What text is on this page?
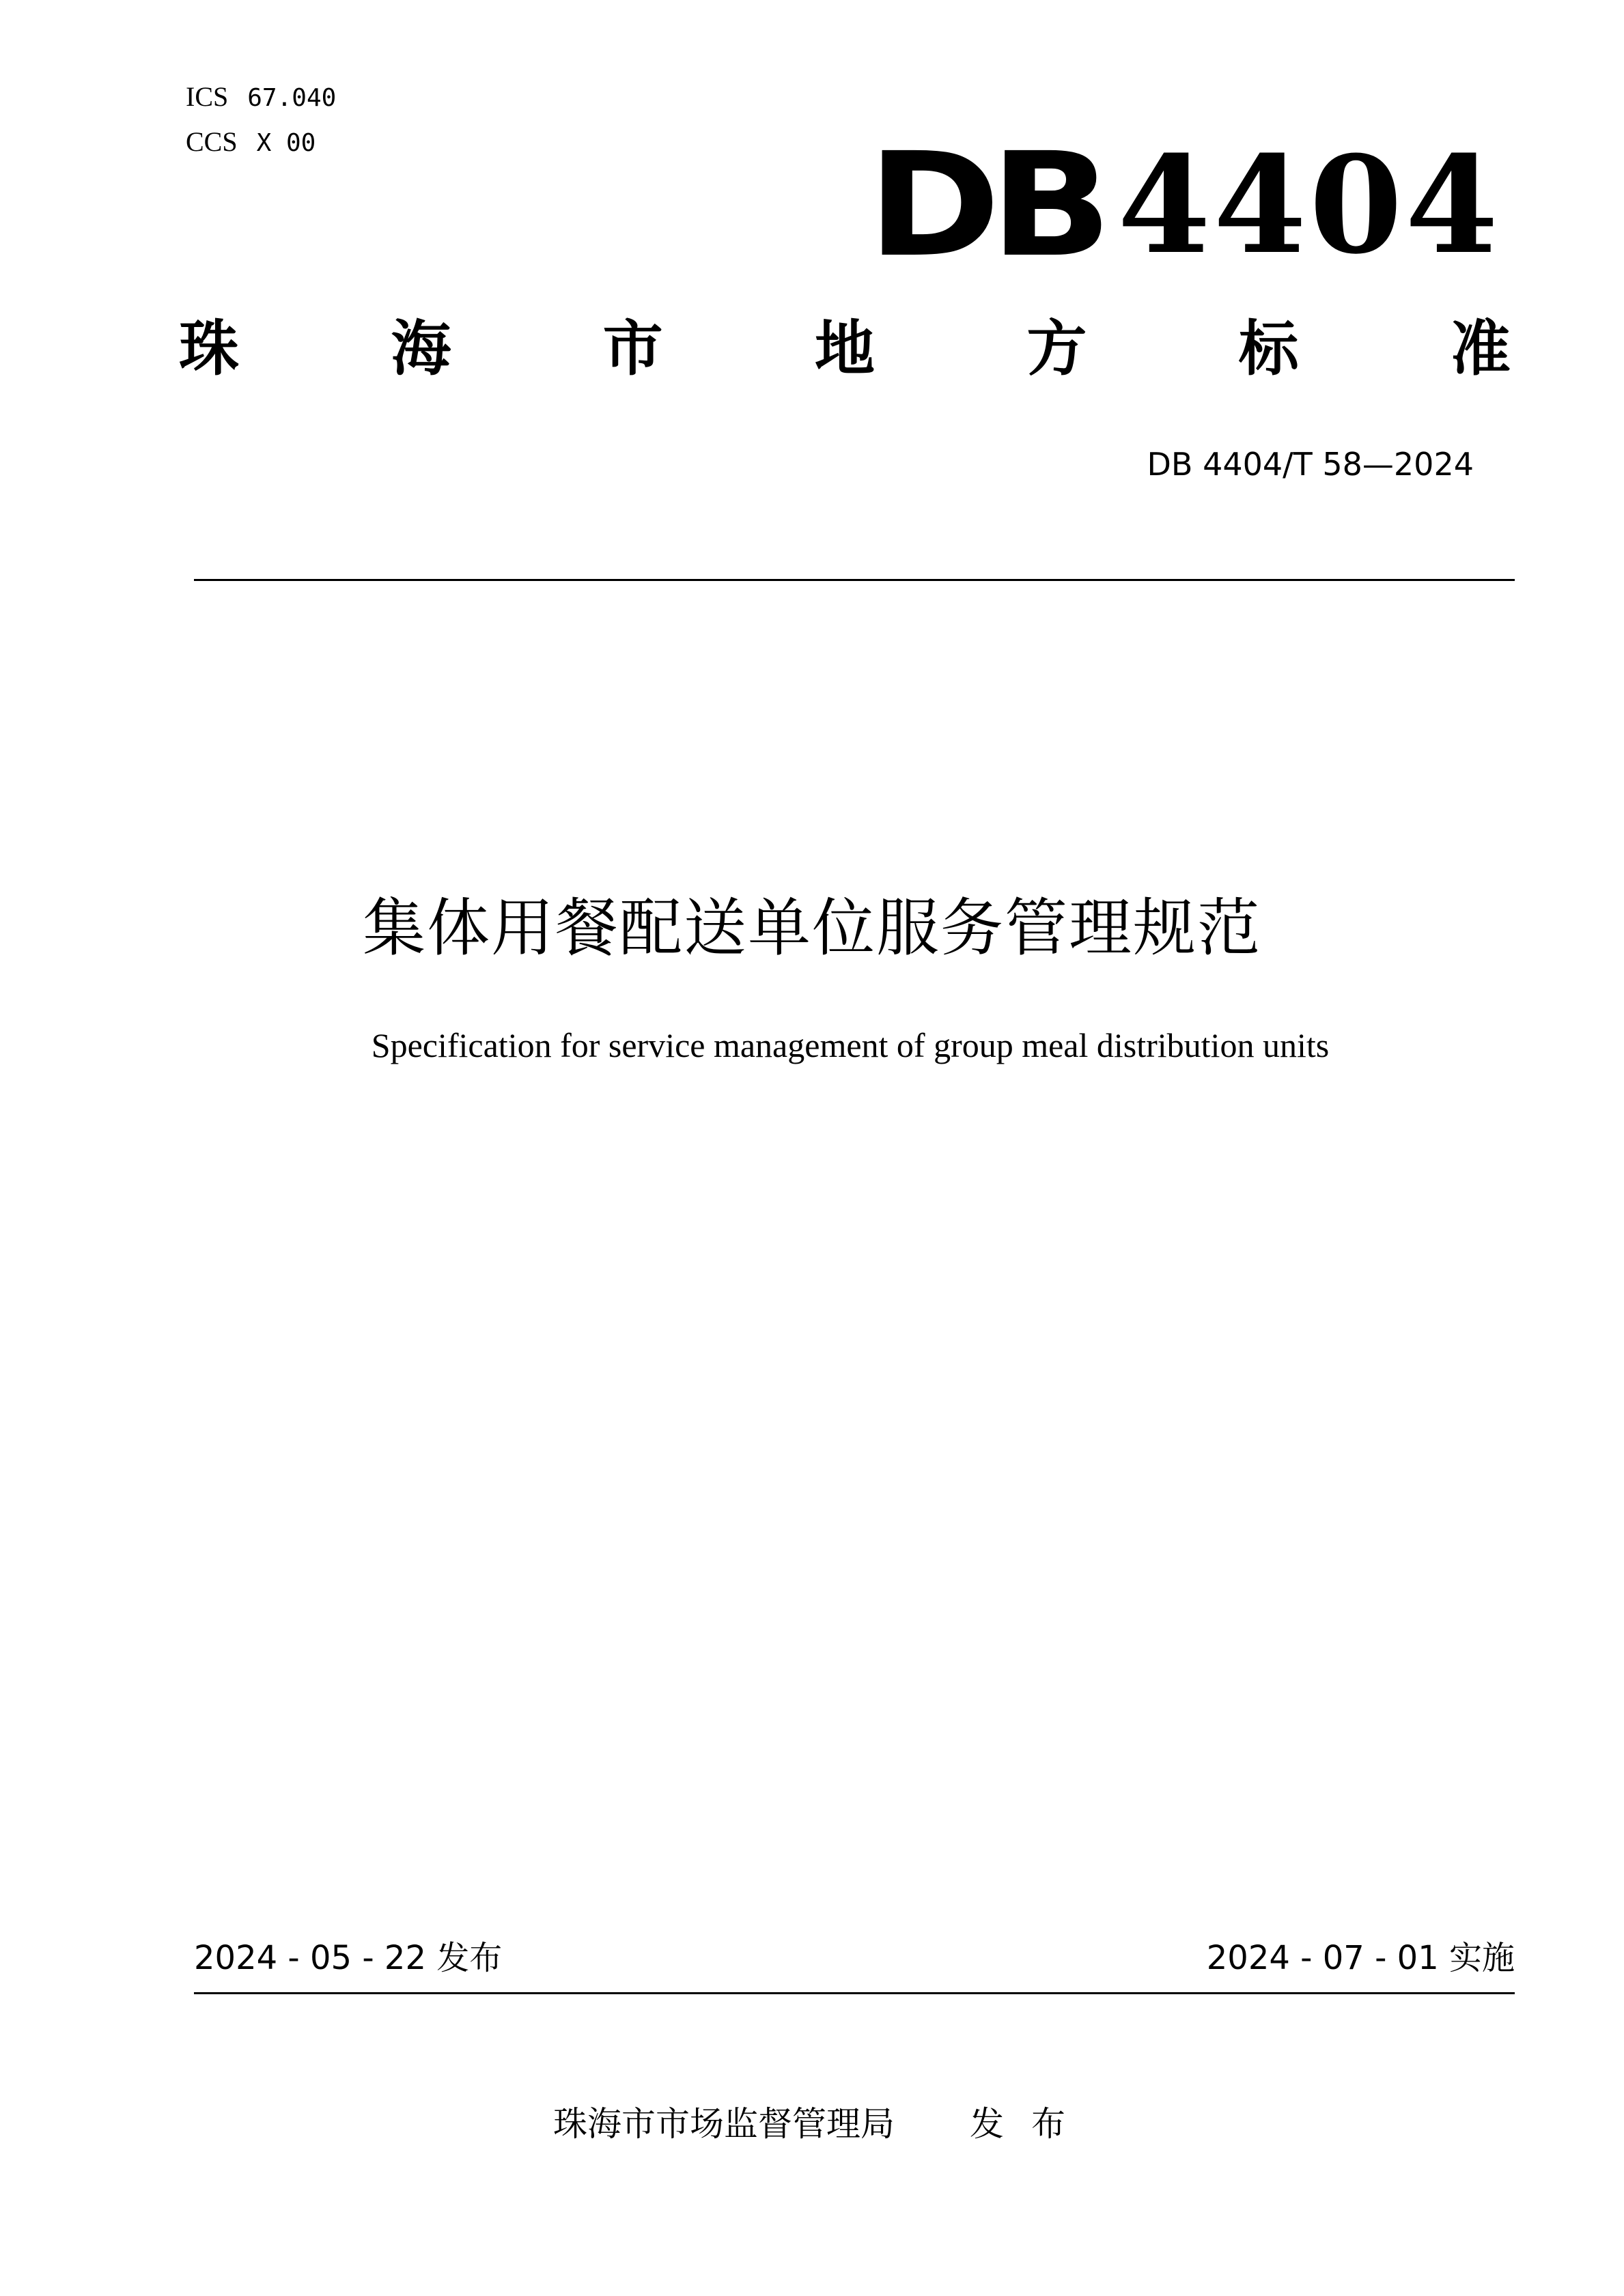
ICS 67.040
CCS X 00	DB 4404
珠	海	市	地	方	标	准
DB 4404/T 58—2024
集体用餐配送单位服务管理规范
Specification for service management of group meal distribution units
2024 - 05 - 22 发布	2024 - 07 - 01 实施
珠海市市场监督管理局 发布
